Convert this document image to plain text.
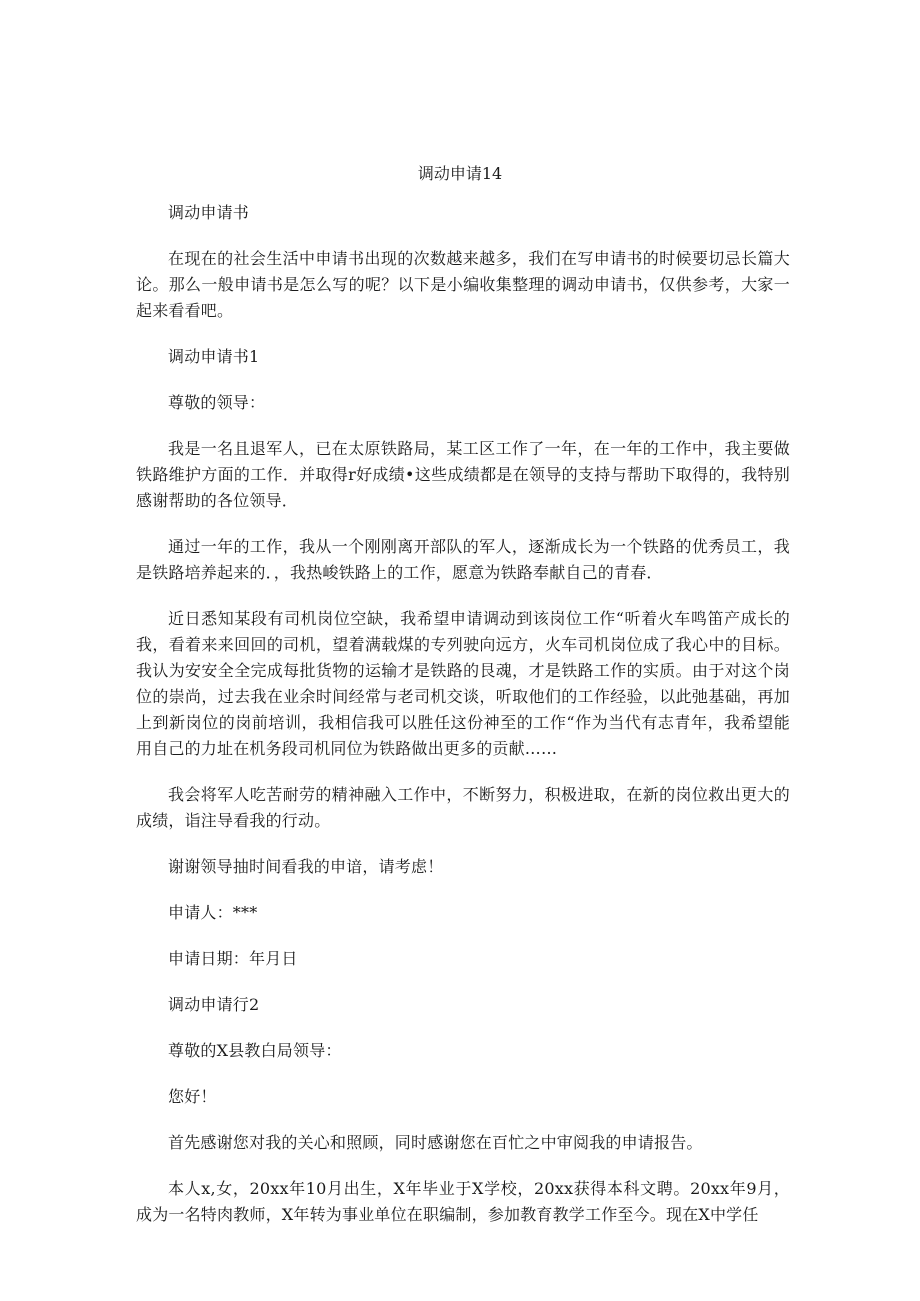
调动申请14

调动申请书

在现在的社会生活中申请书出现的次数越来越多，我们在写申请书的时候要切忌长篇大论。那么一般申请书是怎么写的呢？以下是小编收集整理的调动申请书，仅供参考，大家一起来看看吧。

调动申请书1

尊敬的领导：

我是一名且退军人，已在太原铁路局，某工区工作了一年，在一年的工作中，我主要做铁路维护方面的工作．并取得r好成绩•这些成绩都是在领导的支持与帮助下取得的，我特别感谢帮助的各位领导．

通过一年的工作，我从一个刚刚离开部队的军人，逐渐成长为一个铁路的优秀员工，我是铁路培养起来的．，我热峻铁路上的工作，愿意为铁路奉献自己的青春．

近日悉知某段有司机岗位空缺，我希望申请调动到该岗位工作“听着火车鸣笛产成长的我，看着来来回回的司机，望着满载煤的专列驶向远方，火车司机岗位成了我心中的目标。我认为安安全全完成每批货物的运输才是铁路的艮魂，才是铁路工作的实质。由于对这个岗位的崇尚，过去我在业余时间经常与老司机交谈，听取他们的工作经验，以此弛基础，再加上到新岗位的岗前培训，我相信我可以胜任这份神至的工作“作为当代有志青年，我希望能用自己的力址在机务段司机同位为铁路做出更多的贡献……

我会将军人吃苦耐劳的精神融入工作中，不断努力，积极进取，在新的岗位救出更大的成绩，诣注导看我的行动。

谢谢领导抽时间看我的申谙，请考虑！

申请人：***

申请日期：年月日

调动申请行2

尊敬的X县教白局领导：

您好！

首先感谢您对我的关心和照顾，同时感谢您在百忙之中审阅我的申请报告。

本人x,女，20xx年10月出生，X年毕业于X学校，20xx获得本科文聘。20xx年9月，成为一名特肉教师，X年转为事业单位在职编制，参加教育教学工作至今。现在X中学任
